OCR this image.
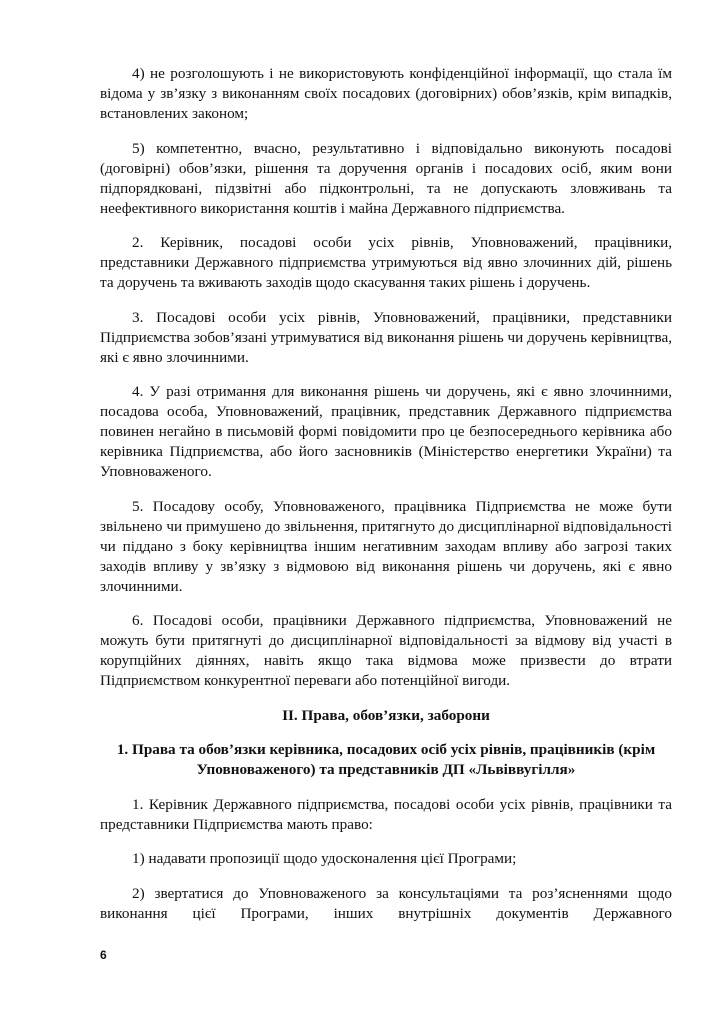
4) не розголошують і не використовують конфіденційної інформації, що стала їм відома у зв’язку з виконанням своїх посадових (договірних) обов’язків, крім випадків, встановлених законом;

5) компетентно, вчасно, результативно і відповідально виконують посадові (договірні) обов’язки, рішення та доручення органів і посадових осіб, яким вони підпорядковані, підзвітні або підконтрольні, та не допускають зловживань та неефективного використання коштів і майна Державного підприємства.

2. Керівник, посадові особи усіх рівнів, Уповноважений, працівники, представники Державного підприємства утримуються від явно злочинних дій, рішень та доручень та вживають заходів щодо скасування таких рішень і доручень.

3. Посадові особи усіх рівнів, Уповноважений, працівники, представники Підприємства зобов’язані утримуватися від виконання рішень чи доручень керівництва, які є явно злочинними.

4. У разі отримання для виконання рішень чи доручень, які є явно злочинними, посадова особа, Уповноважений, працівник, представник Державного підприємства повинен негайно в письмовій формі повідомити про це безпосереднього керівника або керівника Підприємства, або його засновників (Міністерство енергетики України) та Уповноваженого.

5. Посадову особу, Уповноваженого, працівника Підприємства не може бути звільнено чи примушено до звільнення, притягнуто до дисциплінарної відповідальності чи піддано з боку керівництва іншим негативним заходам впливу або загрозі таких заходів впливу у зв’язку з відмовою від виконання рішень чи доручень, які є явно злочинними.

6. Посадові особи, працівники Державного підприємства, Уповноважений не можуть бути притягнуті до дисциплінарної відповідальності за відмову від участі в корупційних діяннях, навіть якщо така відмова може призвести до втрати Підприємством конкурентної переваги або потенційної вигоди.

ІІ. Права, обов’язки, заборони

1. Права та обов’язки керівника, посадових осіб усіх рівнів, працівників (крім Уповноваженого) та представників ДП «Львіввугілля»

1. Керівник Державного підприємства, посадові особи усіх рівнів, працівники та представники Підприємства мають право:

1) надавати пропозиції щодо удосконалення цієї Програми;

2) звертатися до Уповноваженого за консультаціями та роз’ясненнями щодо виконання цієї Програми, інших внутрішніх документів Державного

6
